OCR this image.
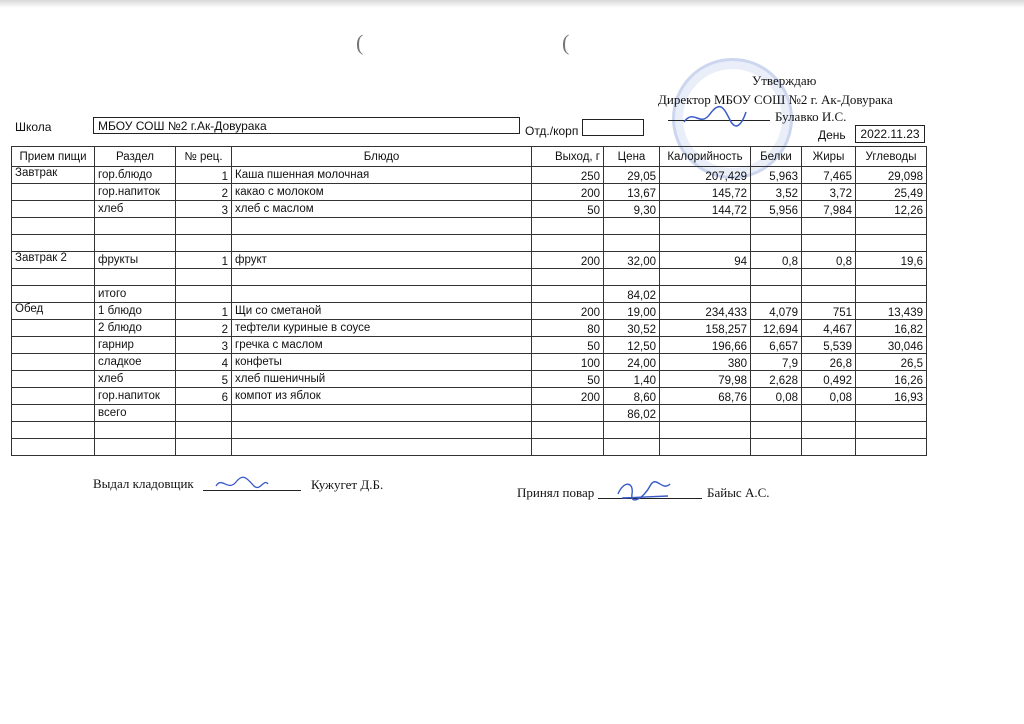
(	(
Утверждаю
Директор МБОУ СОШ №2 г. Ак-Довурака
Булавко И.С.
Школа	МБОУ СОШ №2 г.Ак-Довурака	Отд./корп	День	2022.11.23
Прием пищи	Раздел	№ рец.	Блюдо	Выход, г	Цена	Калорийность	Белки	Жиры	Углеводы
Завтрак	гор.блюдо	1	Каша пшенная молочная	250	29,05	207,429	5,963	7,465	29,098
	гор.напиток	2	какао с молоком	200	13,67	145,72	3,52	3,72	25,49
	хлеб	3	хлеб с маслом	50	9,30	144,72	5,956	7,984	12,26

Завтрак 2	фрукты	1	фрукт	200	32,00	94	0,8	0,8	19,6

	итого				84,02				
Обед	1 блюдо	1	Щи со сметаной	200	19,00	234,433	4,079	751	13,439
	2 блюдо	2	тефтели куриные в соусе	80	30,52	158,257	12,694	4,467	16,82
	гарнир	3	гречка с маслом	50	12,50	196,66	6,657	5,539	30,046
	сладкое	4	конфеты	100	24,00	380	7,9	26,8	26,5
	хлеб	5	хлеб пшеничный	50	1,40	79,98	2,628	0,492	16,26
	гор.напиток	6	компот из яблок	200	8,60	68,76	0,08	0,08	16,93
	всего				86,02				

Выдал кладовщик	Кужугет Д.Б.
Принял повар	Байыс А.С.
